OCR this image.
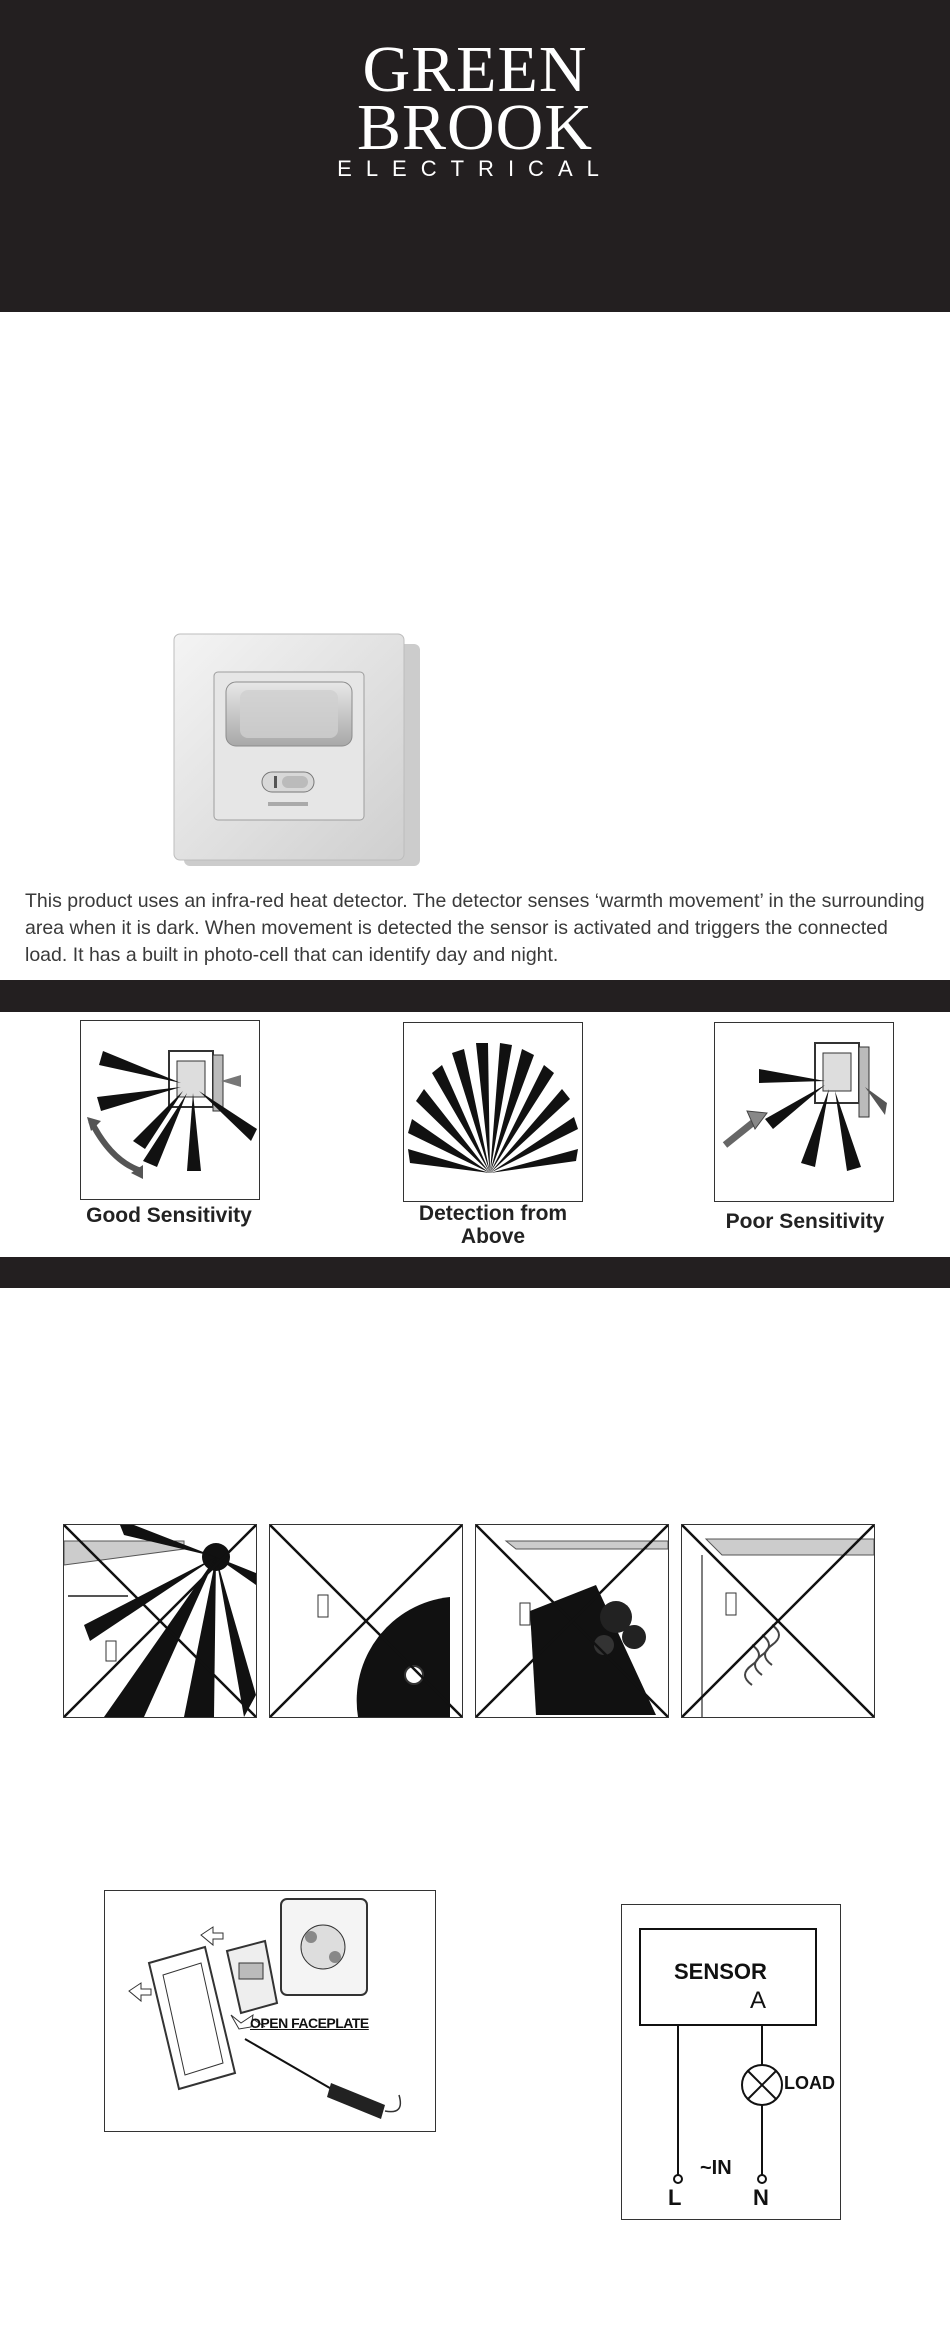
GREEN
BROOK
ELECTRICAL
This product uses an infra-red heat detector. The detector senses ‘warmth movement’ in the surrounding area when it is dark. When movement is detected the sensor is activated and triggers the connected load. It has a built in photo-cell that can identify day and night.
Good Sensitivity	Detection from Above
Poor Sensitivity
OPEN FACEPLATE
SENSOR
A
LOAD
~IN
L	N
